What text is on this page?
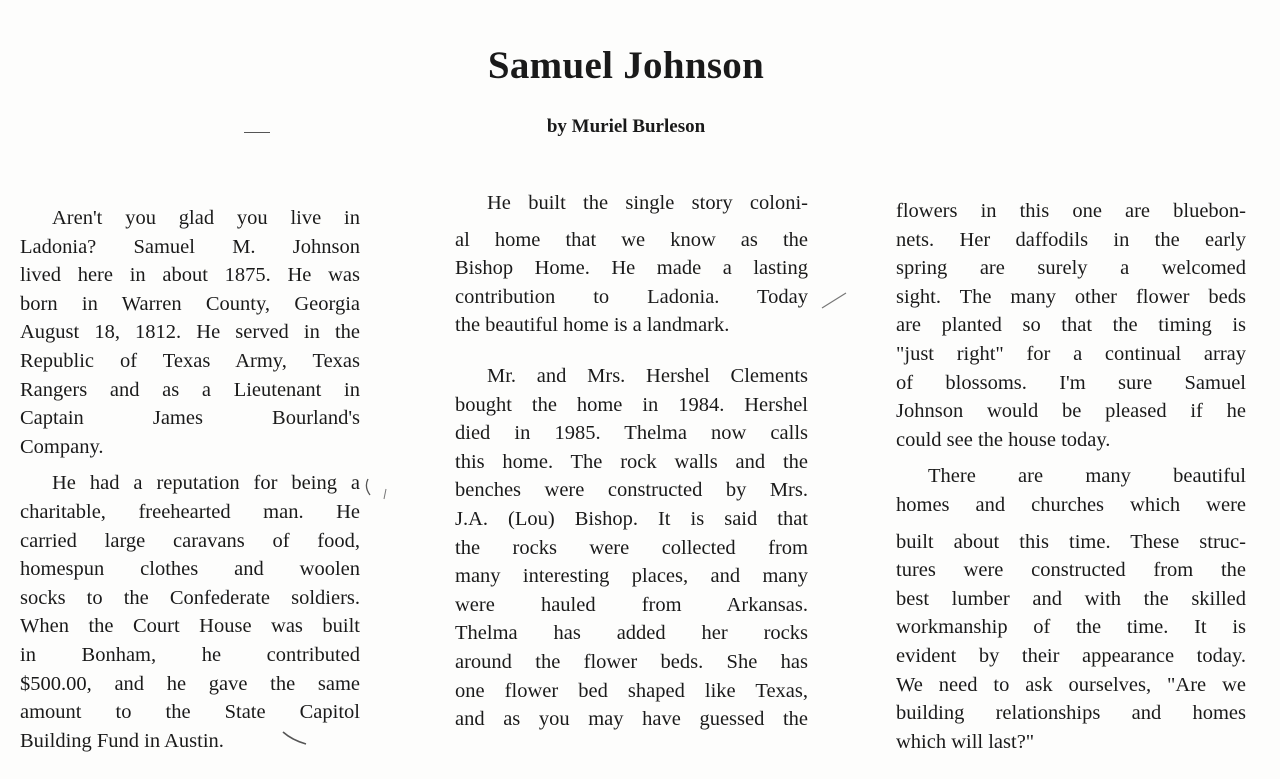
Samuel Johnson
by Muriel Burleson
Aren't you glad you live in
Ladonia? Samuel M. Johnson
lived here in about 1875. He was
born in Warren County, Georgia
August 18, 1812. He served in the
Republic of Texas Army, Texas
Rangers and as a Lieutenant in
Captain James Bourland's
Company.
He had a reputation for being a
charitable, freehearted man. He
carried large caravans of food,
homespun clothes and woolen
socks to the Confederate soldiers.
When the Court House was built
in Bonham, he contributed
$500.00, and he gave the same
amount to the State Capitol
Building Fund in Austin.
He built the single story coloni-
al home that we know as the
Bishop Home. He made a lasting
contribution to Ladonia. Today
the beautiful home is a landmark.
Mr. and Mrs. Hershel Clements
bought the home in 1984. Hershel
died in 1985. Thelma now calls
this home. The rock walls and the
benches were constructed by Mrs.
J.A. (Lou) Bishop. It is said that
the rocks were collected from
many interesting places, and many
were hauled from Arkansas.
Thelma has added her rocks
around the flower beds. She has
one flower bed shaped like Texas,
and as you may have guessed the
flowers in this one are bluebon-
nets. Her daffodils in the early
spring are surely a welcomed
sight. The many other flower beds
are planted so that the timing is
"just right" for a continual array
of blossoms. I'm sure Samuel
Johnson would be pleased if he
could see the house today.
There are many beautiful
homes and churches which were
built about this time. These struc-
tures were constructed from the
best lumber and with the skilled
workmanship of the time. It is
evident by their appearance today.
We need to ask ourselves, "Are we
building relationships and homes
which will last?"
